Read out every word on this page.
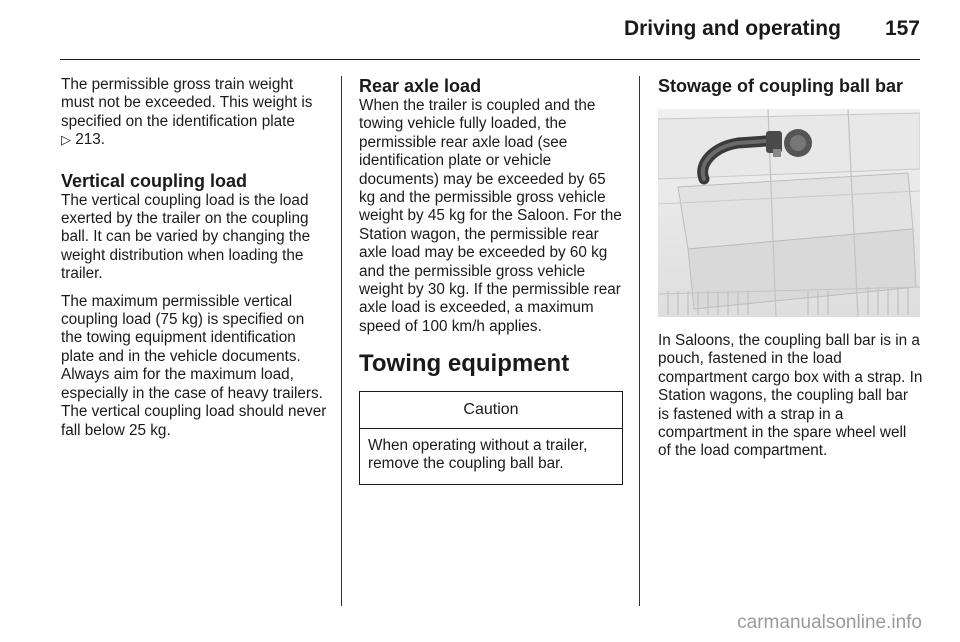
Driving and operating 157

The permissible gross train weight must not be exceeded. This weight is specified on the identification plate
▷ 213.

Vertical coupling load

The vertical coupling load is the load exerted by the trailer on the coupling ball. It can be varied by changing the weight distribution when loading the trailer.

The maximum permissible vertical coupling load (75 kg) is specified on the towing equipment identification plate and in the vehicle documents. Always aim for the maximum load, especially in the case of heavy trailers. The vertical coupling load should never fall below 25 kg.

Rear axle load

When the trailer is coupled and the towing vehicle fully loaded, the permissible rear axle load (see identification plate or vehicle documents) may be exceeded by 65 kg and the permissible gross vehicle weight by 45 kg for the Saloon. For the Station wagon, the permissible rear axle load may be exceeded by 60 kg and the permissible gross vehicle weight by 30 kg. If the permissible rear axle load is exceeded, a maximum speed of 100 km/h applies.

Towing equipment
Caution
When operating without a trailer, remove the coupling ball bar.
Stowage of coupling ball bar

In Saloons, the coupling ball bar is in a pouch, fastened in the load compartment cargo box with a strap. In Station wagons, the coupling ball bar is fastened with a strap in a compartment in the spare wheel well of the load compartment.

carmanualsonline.info
